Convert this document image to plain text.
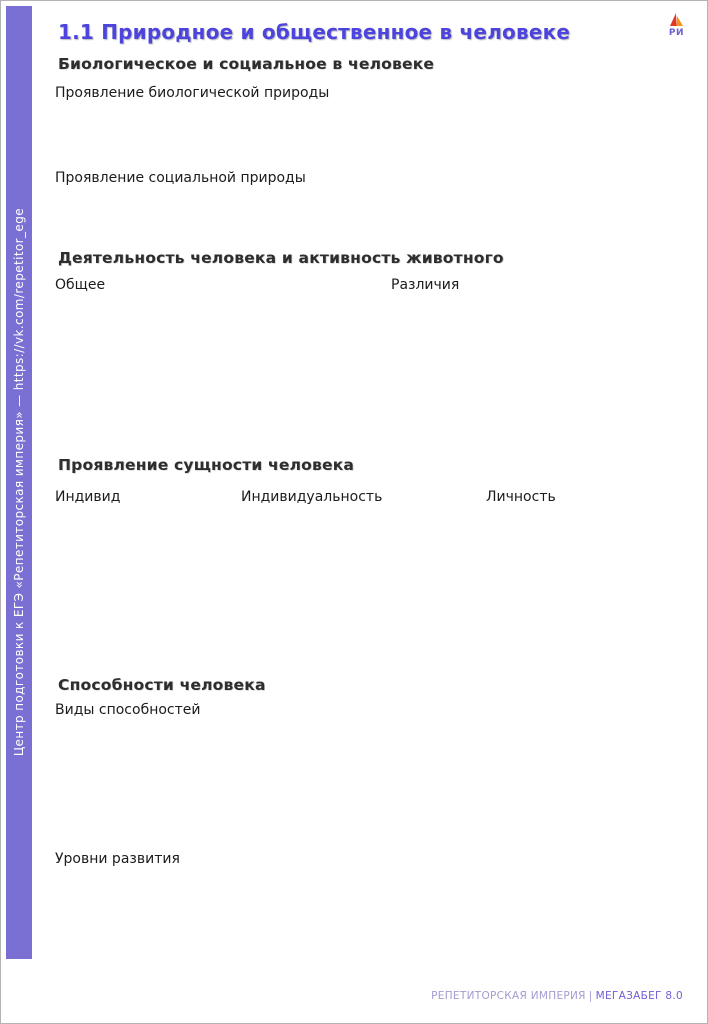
Центр подготовки к ЕГЭ «Репетиторская империя» — https://vk.com/repetitor_ege
РИ
1.1 Природное и общественное в человеке
Биологическое и социальное в человеке
Проявление биологической природы
Проявление социальной природы
Деятельность человека и активность животного
Общее	Различия
Проявление сущности человека
Индивид	Индивидуальность	Личность
Способности человека
Виды способностей
Уровни развития
РЕПЕТИТОРСКАЯ ИМПЕРИЯ | МЕГАЗАБЕГ 8.0
